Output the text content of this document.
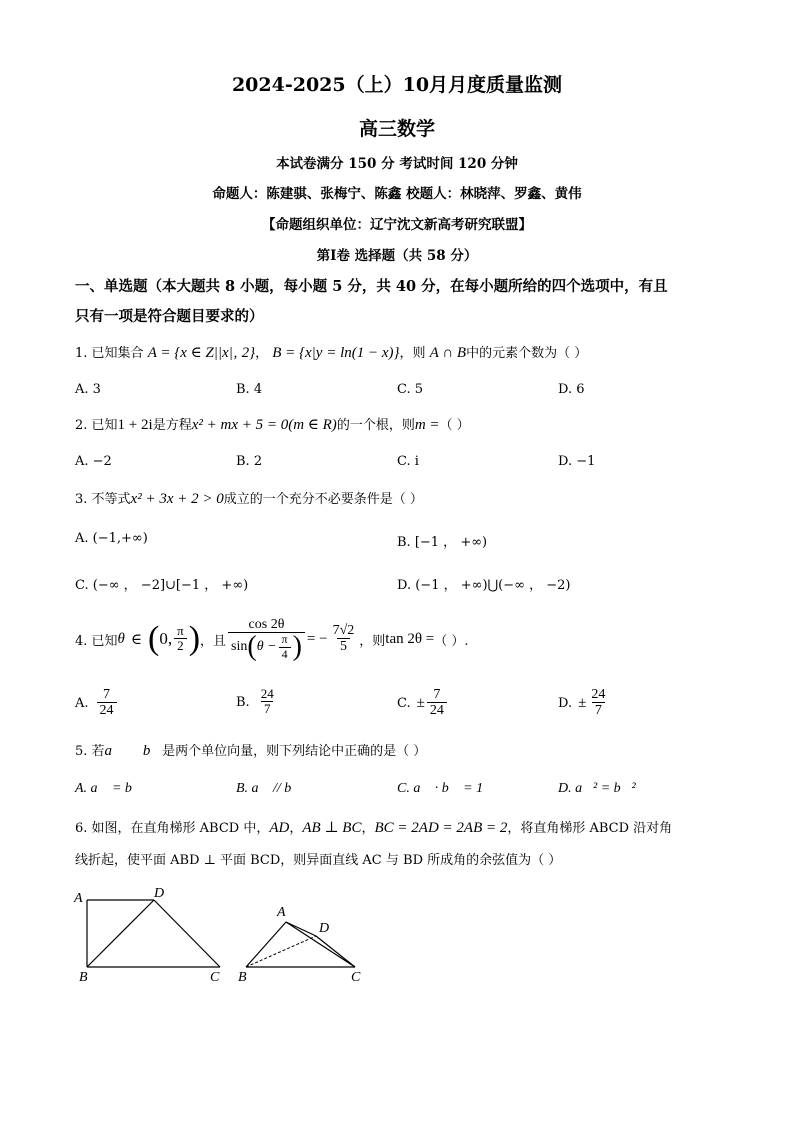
2024-2025（上）10月月度质量监测
高三数学
本试卷满分 150 分 考试时间 120 分钟
命题人：陈建骐、张梅宁、陈鑫 校题人：林晓萍、罗鑫、黄伟
【命题组织单位：辽宁沈文新高考研究联盟】
第Ⅰ卷 选择题（共 58 分）
一、单选题（本大题共 8 小题，每小题 5 分，共 40 分，在每小题所给的四个选项中，有且
只有一项是符合题目要求的）
1. 已知集合 A = {x ∈ Z||x|‚ 2}， B = {x|y = ln(1 − x)}，则 A ∩ B中的元素个数为（ ）
A. 3	B. 4	C. 5	D. 6
2. 已知1 + 2i是方程x² + mx + 5 = 0(m ∈ R)的一个根，则m =（ ）
A. −2	B. 2	C. i	D. −1
3. 不等式x² + 3x + 2 > 0成立的一个充分不必要条件是（ ）
A. (−1,+∞)	B. [−1 ， +∞)
C. (−∞ ， −2]∪[−1 ， +∞)	D. (−1 ， +∞)⋃(−∞ ， −2)
4. 已知 θ ∈ ( 0, $\frac{\pi}{2}$ ) ，且
cos 2θ
sin ( $\theta - \frac{\pi}{4}$ ) = − $\frac{7√2}{5}$ ，则 tan 2θ = （ ）.
A. $\frac{7}{24}$	B. $\frac{24}{7}$	C. ± $\frac{7}{24}$	D. ± $\frac{24}{7}$
5. 若a⃗ ， b⃗是两个单位向量，则下列结论中正确的是（ ）
A. a⃗ = b⃗	B. a⃗ // b⃗	C. a⃗ · b⃗ = 1	D. a⃗² = b⃗²
6. 如图，在直角梯形 ABCD 中，AD，AB ⊥ BC，BC = 2AD = 2AB = 2，将直角梯形 ABCD 沿对角
线折起，使平面 ABD ⊥ 平面 BCD，则异面直线 AC 与 BD 所成角的余弦值为（ ）
A	D
B	C
A
D
B	C
